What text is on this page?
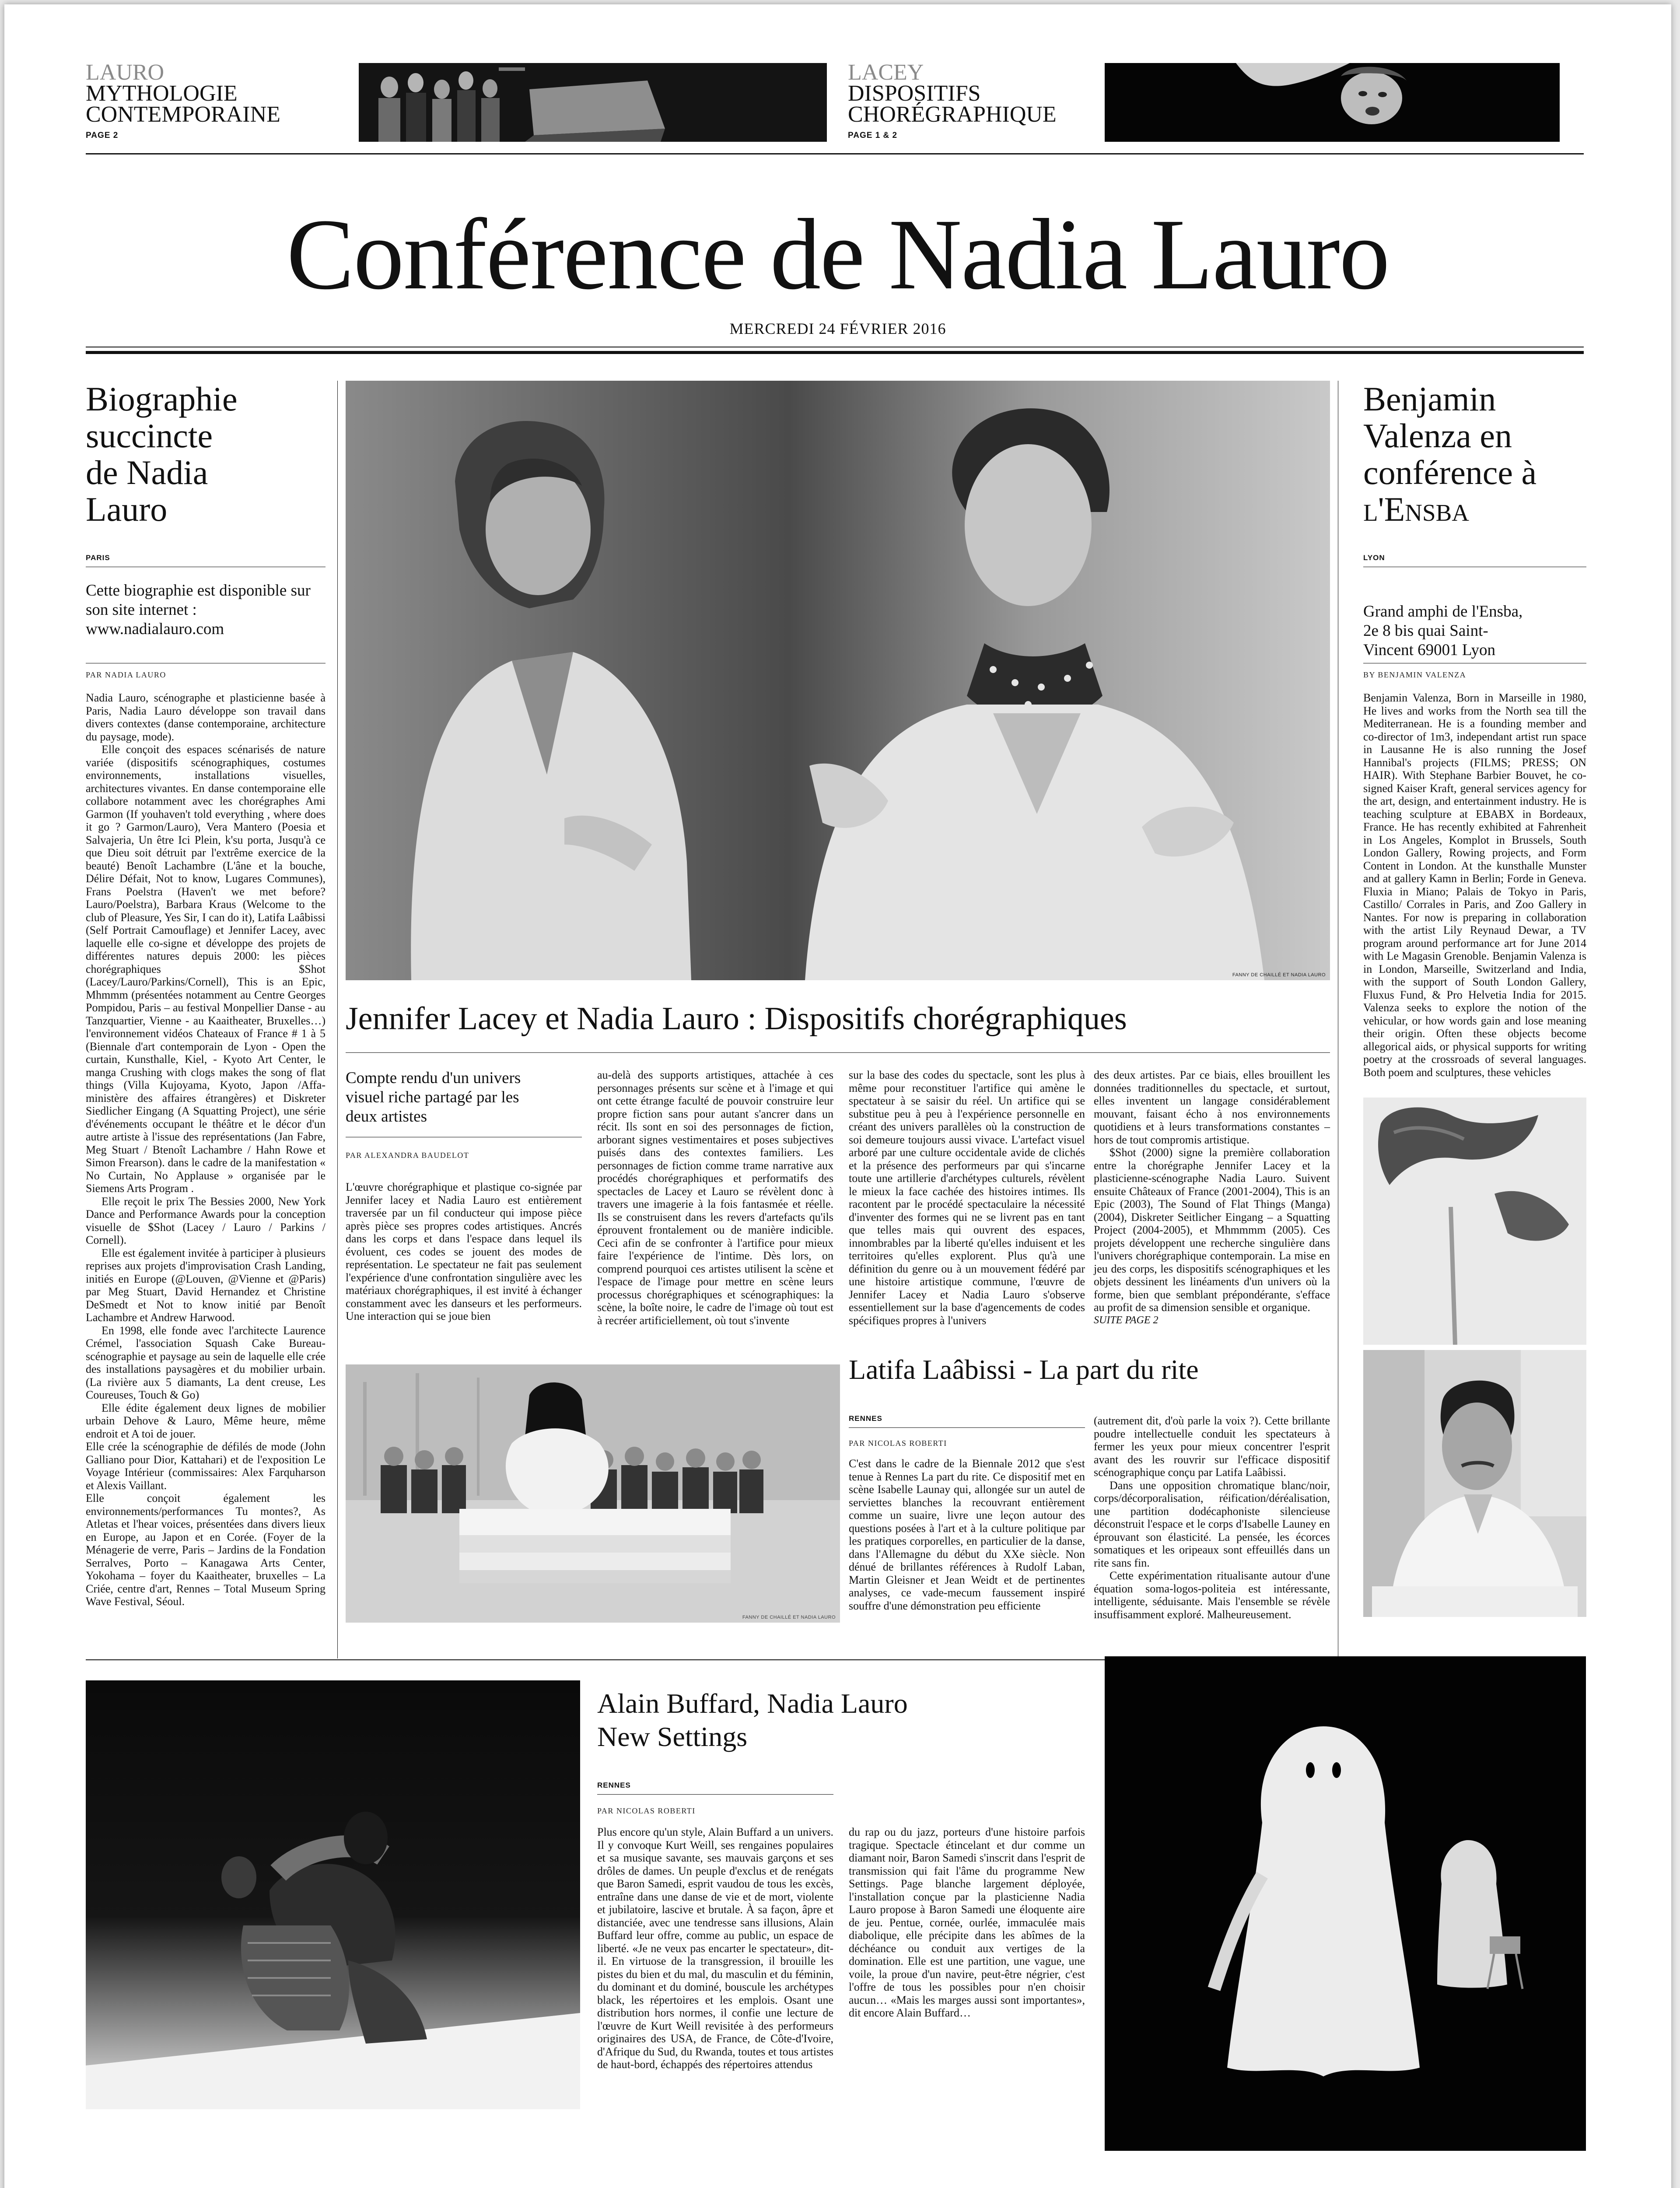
LAURO
MYTHOLOGIE
CONTEMPORAINE
PAGE 2
LACEY
DISPOSITIFS
CHORÉGRAPHIQUE
PAGE 1 & 2
Conférence de Nadia Lauro
MERCREDI 24 FÉVRIER 2016
Biographie
succincte
de Nadia
Lauro
PARIS
Cette biographie est disponible sur son site internet : www.nadialauro.com
PAR NADIA LAURO

Nadia Lauro, scénographe et plasticienne basée à Paris, Nadia Lauro développe son travail dans divers contextes (danse contemporaine, architecture du paysage, mode).

Elle conçoit des espaces scénarisés de nature variée (dispositifs scénographiques, costumes environnements, installations visuelles, architectures vivantes. En danse contemporaine elle collabore notamment avec les chorégraphes Ami Garmon (If youhaven't told everything , where does it go ? Garmon/Lauro), Vera Mantero (Poesia et Salvajeria, Un être Ici Plein, k'su porta, Jusqu'à ce que Dieu soit détruit par l'extrême exercice de la beauté) Benoît Lachambre (L'âne et la bouche, Délire Défait, Not to know, Lugares Communes), Frans Poelstra (Haven't we met before? Lauro/Poelstra), Barbara Kraus (Welcome to the club of Pleasure, Yes Sir, I can do it), Latifa Laâbissi (Self Portrait Camouflage) et Jennifer Lacey, avec laquelle elle co-signe et développe des projets de différentes natures depuis 2000: les pièces chorégraphiques $Shot (Lacey/Lauro/Parkins/Cornell), This is an Epic, Mhmmm (présentées notamment au Centre Georges Pompidou, Paris – au festival Monpellier Danse - au Tanzquartier, Vienne - au Kaaitheater, Bruxelles…) l'environnement vidéos Chateaux of France # 1 à 5 (Biennale d'art contemporain de Lyon - Open the curtain, Kunsthalle, Kiel, - Kyoto Art Center, le manga Crushing with clogs makes the song of flat things (Villa Kujoyama, Kyoto, Japon /Affa-ministère des affaires étrangères) et Diskreter Siedlicher Eingang (A Squatting Project), une série d'événements occupant le théâtre et le décor d'un autre artiste à l'issue des représentations (Jan Fabre, Meg Stuart / Btenoît Lachambre / Hahn Rowe et Simon Frearson). dans le cadre de la manifestation « No Curtain, No Applause » organisée par le Siemens Arts Program .

Elle reçoit le prix The Bessies 2000, New York Dance and Performance Awards pour la conception visuelle de $Shot (Lacey / Lauro / Parkins / Cornell).

Elle est également invitée à participer à plusieurs reprises aux projets d'improvisation Crash Landing, initiés en Europe (@Louven, @Vienne et @Paris) par Meg Stuart, David Hernandez et Christine DeSmedt et Not to know initié par Benoît Lachambre et Andrew Harwood.

En 1998, elle fonde avec l'architecte Laurence Crémel, l'association Squash Cake Bureau- scénographie et paysage au sein de laquelle elle crée des installations paysagères et du mobilier urbain. (La rivière aux 5 diamants, La dent creuse, Les Coureuses, Touch & Go)

Elle édite également deux lignes de mobilier urbain Dehove & Lauro, Même heure, même endroit et A toi de jouer.

Elle crée la scénographie de défilés de mode (John Galliano pour Dior, Kattahari) et de l'exposition Le Voyage Intérieur (commissaires: Alex Farquharson et Alexis Vaillant.

Elle conçoit également les environnements/performances Tu montes?, As Atletas et l'hear voices, présentées dans divers lieux en Europe, au Japon et en Corée. (Foyer de la Ménagerie de verre, Paris – Jardins de la Fondation Serralves, Porto – Kanagawa Arts Center, Yokohama – foyer du Kaaitheater, bruxelles – La Criée, centre d'art, Rennes – Total Museum Spring Wave Festival, Séoul.

FANNY DE CHAILLÉ ET NADIA LAURO
Jennifer Lacey et Nadia Lauro : Dispositifs chorégraphiques
Compte rendu d'un univers visuel riche partagé par les deux artistes
PAR ALEXANDRA BAUDELOT

L'œuvre chorégraphique et plastique co-signée par Jennifer lacey et Nadia Lauro est entièrement traversée par un fil conducteur qui impose pièce après pièce ses propres codes artistiques. Ancrés dans les corps et dans l'espace dans lequel ils évoluent, ces codes se jouent des modes de représentation. Le spectateur ne fait pas seulement l'expérience d'une confrontation singulière avec les matériaux chorégraphiques, il est invité à échanger constamment avec les danseurs et les performeurs. Une interaction qui se joue bien

au-delà des supports artistiques, attachée à ces personnages présents sur scène et à l'image et qui ont cette étrange faculté de pouvoir construire leur propre fiction sans pour autant s'ancrer dans un récit. Ils sont en soi des personnages de fiction, arborant signes vestimentaires et poses subjectives puisés dans des contextes familiers. Les personnages de fiction comme trame narrative aux procédés chorégraphiques et performatifs des spectacles de Lacey et Lauro se révèlent donc à travers une imagerie à la fois fantasmée et réelle. Ils se construisent dans les revers d'artefacts qu'ils éprouvent frontalement ou de manière indicible. Ceci afin de se confronter à l'artifice pour mieux faire l'expérience de l'intime. Dès lors, on comprend pourquoi ces artistes utilisent la scène et l'espace de l'image pour mettre en scène leurs processus chorégraphiques et scénographiques: la scène, la boîte noire, le cadre de l'image où tout est à recréer artificiellement, où tout s'invente

sur la base des codes du spectacle, sont les plus à même pour reconstituer l'artifice qui amène le spectateur à se saisir du réel. Un artifice qui se substitue peu à peu à l'expérience personnelle en créant des univers parallèles où la construction de soi demeure toujours aussi vivace. L'artefact visuel arboré par une culture occidentale avide de clichés et la présence des performeurs par qui s'incarne toute une artillerie d'archétypes culturels, révèlent le mieux la face cachée des histoires intimes. Ils racontent par le procédé spectaculaire la nécessité d'inventer des formes qui ne se livrent pas en tant que telles mais qui ouvrent des espaces, innombrables par la liberté qu'elles induisent et les territoires qu'elles explorent. Plus qu'à une définition du genre ou à un mouvement fédéré par une histoire artistique commune, l'œuvre de Jennifer Lacey et Nadia Lauro s'observe essentiellement sur la base d'agencements de codes spécifiques propres à l'univers

des deux artistes. Par ce biais, elles brouillent les données traditionnelles du spectacle, et surtout, elles inventent un langage considérablement mouvant, faisant écho à nos environnements quotidiens et à leurs transformations constantes – hors de tout compromis artistique.

$Shot (2000) signe la première collaboration entre la chorégraphe Jennifer Lacey et la plasticienne-scénographe Nadia Lauro. Suivent ensuite Châteaux of France (2001-2004), This is an Epic (2003), The Sound of Flat Things (Manga) (2004), Diskreter Seitlicher Eingang – a Squatting Project (2004-2005), et Mhmmmm (2005). Ces projets développent une recherche singulière dans l'univers chorégraphique contemporain. La mise en jeu des corps, les dispositifs scénographiques et les objets dessinent les linéaments d'un univers où la forme, bien que semblant prépondérante, s'efface au profit de sa dimension sensible et organique.

SUITE PAGE 2
FANNY DE CHAILLÉ ET NADIA LAURO
Latifa Laâbissi - La part du rite
RENNES
PAR NICOLAS ROBERTI

C'est dans le cadre de la Biennale 2012 que s'est tenue à Rennes La part du rite. Ce dispositif met en scène Isabelle Launay qui, allongée sur un autel de serviettes blanches la recouvrant entièrement comme un suaire, livre une leçon autour des questions posées à l'art et à la culture politique par les pratiques corporelles, en particulier de la danse, dans l'Allemagne du début du XXe siècle. Non dénué de brillantes références à Rudolf Laban, Martin Gleisner et Jean Weidt et de pertinentes analyses, ce vade-mecum faussement inspiré souffre d'une démonstration peu efficiente

(autrement dit, d'où parle la voix ?). Cette brillante poudre intellectuelle conduit les spectateurs à fermer les yeux pour mieux concentrer l'esprit avant des les rouvrir sur l'efficace dispositif scénographique conçu par Latifa Laâbissi.

Dans une opposition chromatique blanc/noir, corps/décorporalisation, réification/déréalisation, une partition dodécaphoniste silencieuse déconstruit l'espace et le corps d'Isabelle Launey en éprouvant son élasticité. La pensée, les écorces somatiques et les oripeaux sont effeuillés dans un rite sans fin.

Cette expérimentation ritualisante autour d'une équation soma-logos-politeia est intéressante, intelligente, séduisante. Mais l'ensemble se révèle insuffisamment exploré. Malheureusement.

Benjamin
Valenza en
conférence à
l'Ensba
LYON
Grand amphi de l'Ensba, 2e 8 bis quai Saint-Vincent 69001 Lyon
BY BENJAMIN VALENZA

Benjamin Valenza, Born in Marseille in 1980, He lives and works from the North sea till the Mediterranean. He is a founding member and co-director of 1m3, independant artist run space in Lausanne He is also running the Josef Hannibal's projects (FILMS; PRESS; ON HAIR). With Stephane Barbier Bouvet, he co-signed Kaiser Kraft, general services agency for the art, design, and entertainment industry. He is teaching sculpture at EBABX in Bordeaux, France. He has recently exhibited at Fahrenheit in Los Angeles, Komplot in Brussels, South London Gallery, Rowing projects, and Form Content in London. At the kunsthalle Munster and at gallery Kamn in Berlin; Forde in Geneva. Fluxia in Miano; Palais de Tokyo in Paris, Castillo/ Corrales in Paris, and Zoo Gallery in Nantes. For now is preparing in collaboration with the artist Lily Reynaud Dewar, a TV program around performance art for June 2014 with Le Magasin Grenoble. Benjamin Valenza is in London, Marseille, Switzerland and India, with the support of South London Gallery, Fluxus Fund, & Pro Helvetia India for 2015. Valenza seeks to explore the notion of the vehicular, or how words gain and lose meaning their origin. Often these objects become allegorical aids, or physical supports for writing poetry at the crossroads of several languages. Both poem and sculptures, these vehicles

Alain Buffard, Nadia Lauro
New Settings
RENNES
PAR NICOLAS ROBERTI

Plus encore qu'un style, Alain Buffard a un univers. Il y convoque Kurt Weill, ses rengaines populaires et sa musique savante, ses mauvais garçons et ses drôles de dames. Un peuple d'exclus et de renégats que Baron Samedi, esprit vaudou de tous les excès, entraîne dans une danse de vie et de mort, violente et jubilatoire, lascive et brutale. À sa façon, âpre et distanciée, avec une tendresse sans illusions, Alain Buffard leur offre, comme au public, un espace de liberté. «Je ne veux pas encarter le spectateur», dit-il. En virtuose de la transgression, il brouille les pistes du bien et du mal, du masculin et du féminin, du dominant et du dominé, bouscule les archétypes black, les répertoires et les emplois. Osant une distribution hors normes, il confie une lecture de l'œuvre de Kurt Weill revisitée à des performeurs originaires des USA, de France, de Côte-d'Ivoire, d'Afrique du Sud, du Rwanda, toutes et tous artistes de haut-bord, échappés des répertoires attendus

du rap ou du jazz, porteurs d'une histoire parfois tragique. Spectacle étincelant et dur comme un diamant noir, Baron Samedi s'inscrit dans l'esprit de transmission qui fait l'âme du programme New Settings. Page blanche largement déployée, l'installation conçue par la plasticienne Nadia Lauro propose à Baron Samedi une éloquente aire de jeu. Pentue, cornée, ourlée, immaculée mais diabolique, elle précipite dans les abîmes de la déchéance ou conduit aux vertiges de la domination. Elle est une partition, une vague, une voile, la proue d'un navire, peut-être négrier, c'est l'offre de tous les possibles pour n'en choisir aucun… «Mais les marges aussi sont importantes», dit encore Alain Buffard…
